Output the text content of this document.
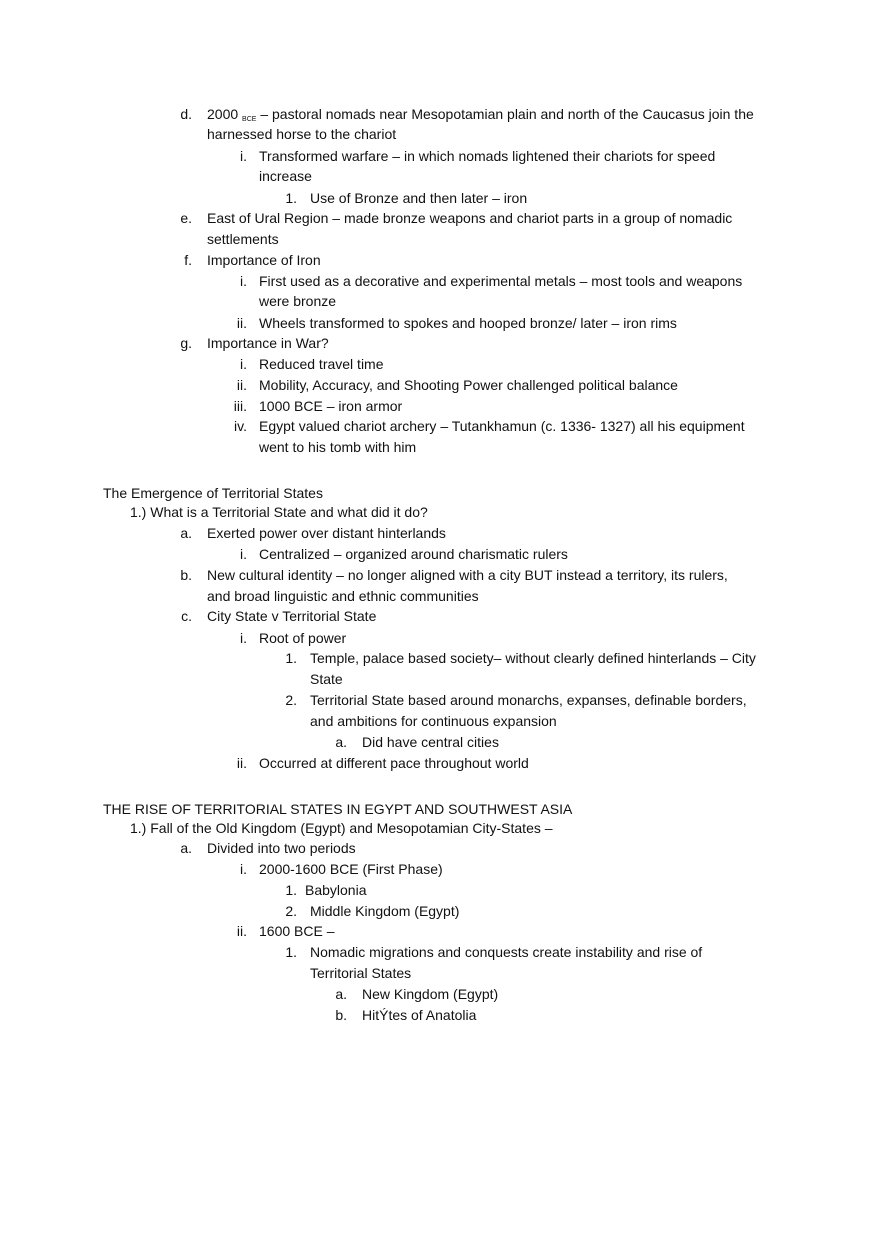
d. 2000 $_{BCE}$ – pastoral nomads near Mesopotamian plain and north of the Caucasus join the

harnessed horse to the chariot

i. Transformed warfare – in which nomads lightened their chariots for speed

increase

1. Use of Bronze and then later – iron

e. East of Ural Region – made bronze weapons and chariot parts in a group of nomadic

settlements

f. Importance of Iron

i. First used as a decorative and experimental metals – most tools and weapons

were bronze

ii. Wheels transformed to spokes and hooped bronze/ later – iron rims

g. Importance in War?

i. Reduced travel time

ii. Mobility, Accuracy, and Shooting Power challenged political balance

iii. 1000 BCE – iron armor

iv. Egypt valued chariot archery – Tutankhamun (c. 1336- 1327) all his equipment

went to his tomb with him

The Emergence of Territorial States

1.) What is a Territorial State and what did it do?

a. Exerted power over distant hinterlands

i. Centralized – organized around charismatic rulers

b. New cultural identity – no longer aligned with a city BUT instead a territory, its rulers,

and broad linguistic and ethnic communities

c. City State v Territorial State

i. Root of power

1. Temple, palace based society– without clearly defined hinterlands – City

State

2. Territorial State based around monarchs, expanses, definable borders,

and ambitions for continuous expansion

a. Did have central cities

ii. Occurred at different pace throughout world

THE RISE OF TERRITORIAL STATES IN EGYPT AND SOUTHWEST ASIA

1.) Fall of the Old Kingdom (Egypt) and Mesopotamian City-States –

a. Divided into two periods

i. 2000-1600 BCE (First Phase)

1. Babylonia

2. Middle Kingdom (Egypt)

ii. 1600 BCE –

1. Nomadic migrations and conquests create instability and rise of

Territorial States

a. New Kingdom (Egypt)

b. HitÝtes of Anatolia
